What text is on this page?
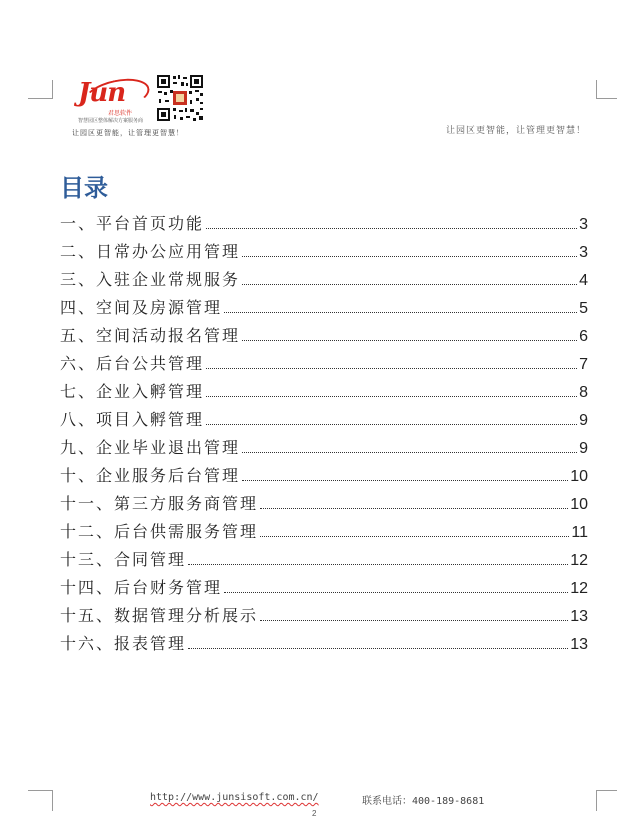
Jun
君思软件
智慧园区整体解决方案服务商
让园区更智能，让管理更智慧！	让园区更智能，让管理更智慧！
目录
一、平台首页功能	3
二、日常办公应用管理	3
三、入驻企业常规服务	4
四、空间及房源管理	5
五、空间活动报名管理	6
六、后台公共管理	7
七、企业入孵管理	8
八、项目入孵管理	9
九、企业毕业退出管理	9
十、企业服务后台管理	10
十一、第三方服务商管理	10
十二、后台供需服务管理	11
十三、合同管理	12
十四、后台财务管理	12
十五、数据管理分析展示	13
十六、报表管理	13
http://www.junsisoft.com.cn/	联系电话：400-189-8681
2
